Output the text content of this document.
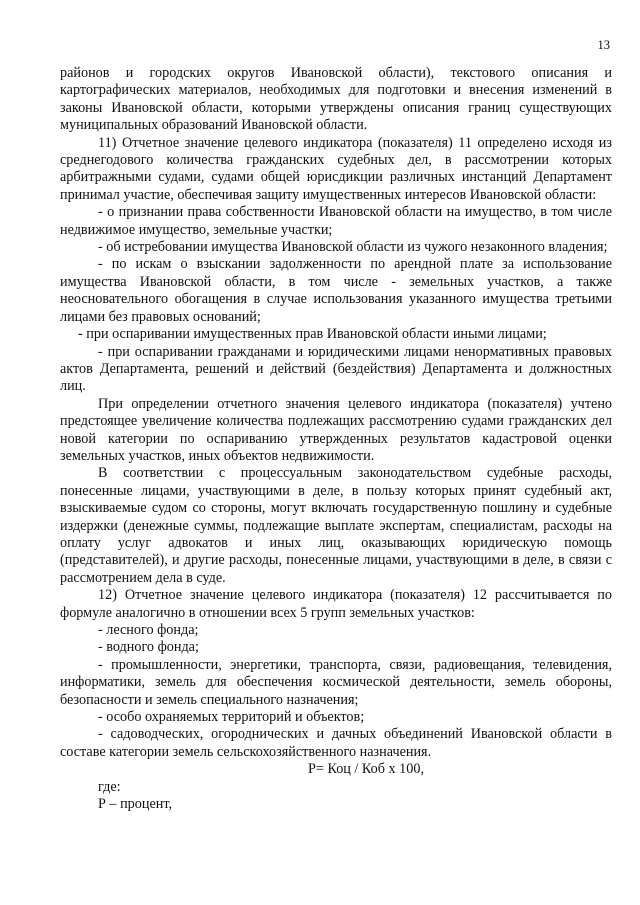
13

районов и городских округов Ивановской области), текстового описания и картографических материалов, необходимых для подготовки и внесения изменений в законы Ивановской области, которыми утверждены описания границ существующих муниципальных образований Ивановской области.

11) Отчетное значение целевого индикатора (показателя) 11 определено исходя из среднегодового количества гражданских судебных дел, в рассмотрении которых арбитражными судами, судами общей юрисдикции различных инстанций Департамент принимал участие, обеспечивая защиту имущественных интересов Ивановской области:

- о признании права собственности Ивановской области на имущество, в том числе недвижимое имущество, земельные участки;

- об истребовании имущества Ивановской области из чужого незаконного владения;

- по искам о взыскании задолженности по арендной плате за использование имущества Ивановской области, в том числе - земельных участков, а также неосновательного обогащения в случае использования указанного имущества третьими лицами без правовых оснований;

- при оспаривании имущественных прав Ивановской области иными лицами;

- при оспаривании гражданами и юридическими лицами ненормативных правовых актов Департамента, решений и действий (бездействия) Департамента и должностных лиц.

При определении отчетного значения целевого индикатора (показателя) учтено предстоящее увеличение количества подлежащих рассмотрению судами гражданских дел новой категории по оспариванию утвержденных результатов кадастровой оценки земельных участков, иных объектов недвижимости.

В соответствии с процессуальным законодательством судебные расходы, понесенные лицами, участвующими в деле, в пользу которых принят судебный акт, взыскиваемые судом со стороны, могут включать государственную пошлину и судебные издержки (денежные суммы, подлежащие выплате экспертам, специалистам, расходы на оплату услуг адвокатов и иных лиц, оказывающих юридическую помощь (представителей), и другие расходы, понесенные лицами, участвующими в деле, в связи с рассмотрением дела в суде.

12) Отчетное значение целевого индикатора (показателя) 12 рассчитывается по формуле аналогично в отношении всех 5 групп земельных участков:

- лесного фонда;

- водного фонда;

- промышленности, энергетики, транспорта, связи, радиовещания, телевидения, информатики, земель для обеспечения космической деятельности, земель обороны, безопасности и земель специального назначения;

- особо охраняемых территорий и объектов;

- садоводческих, огороднических и дачных объединений Ивановской области в составе категории земель сельскохозяйственного назначения.

Р= Коц / Коб х 100,

где:

Р – процент,
